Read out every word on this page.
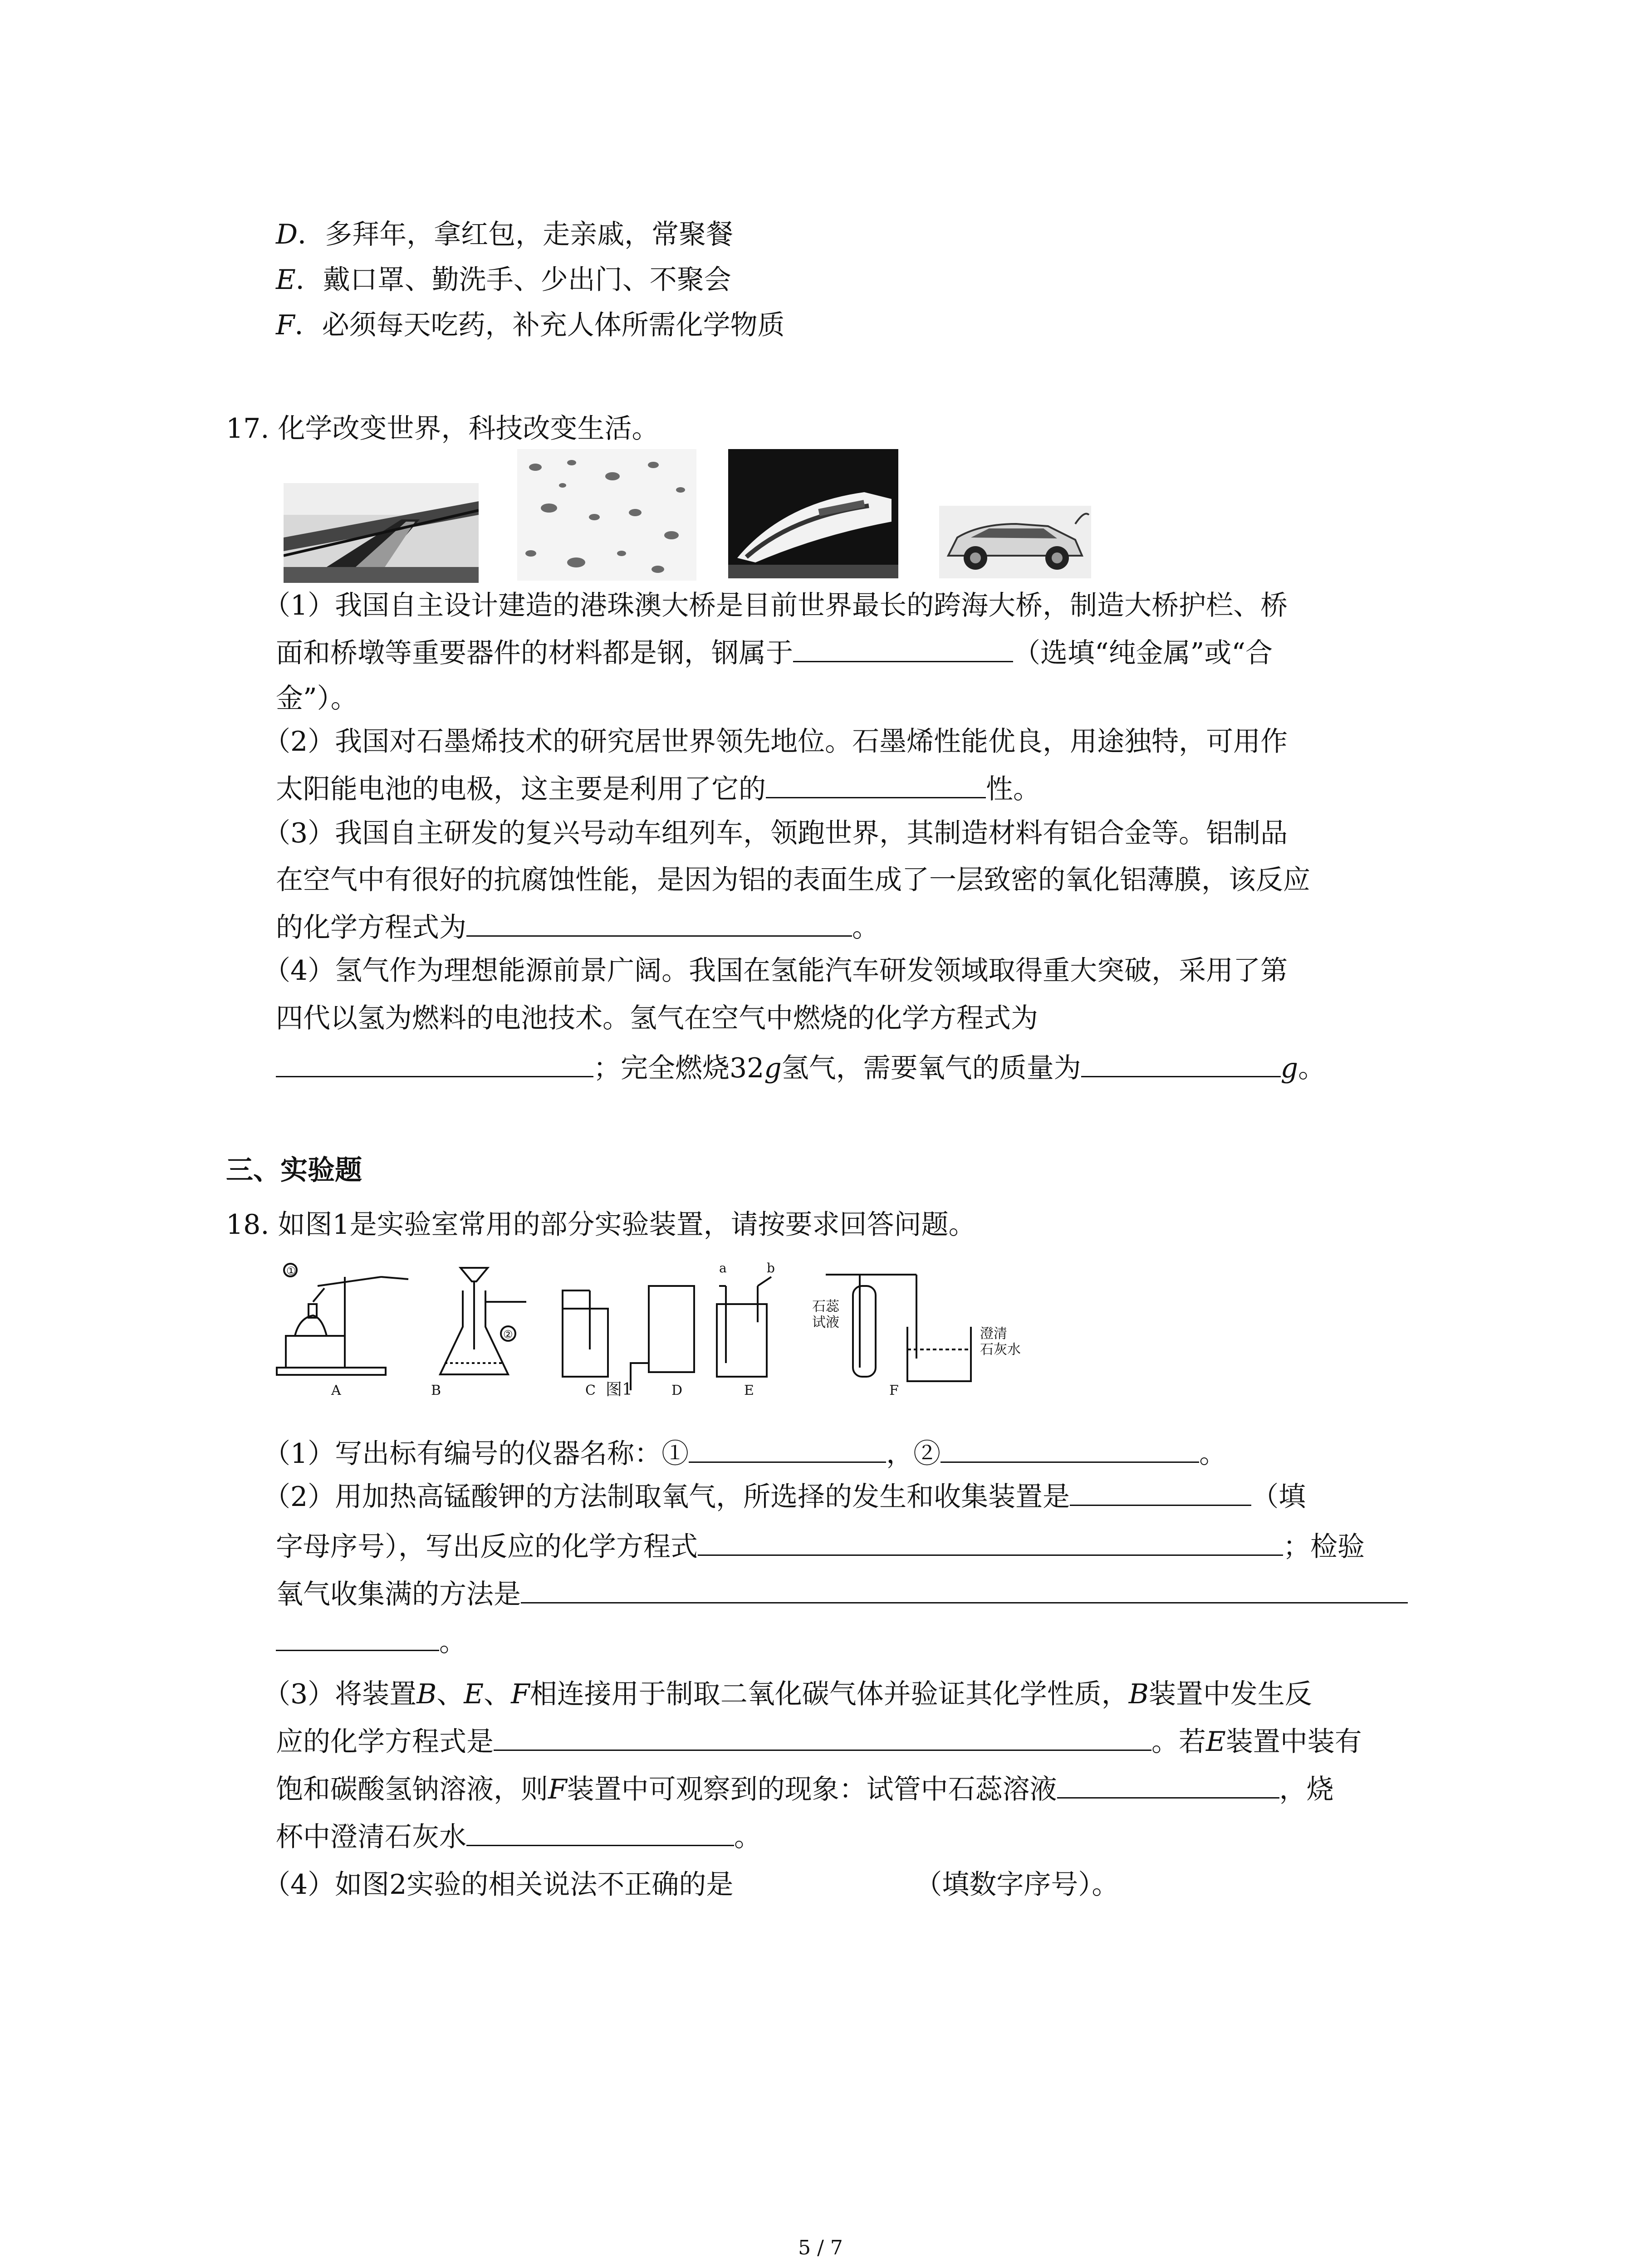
D．多拜年，拿红包，走亲戚，常聚餐
E．戴口罩、勤洗手、少出门、不聚会
F．必须每天吃药，补充人体所需化学物质
17. 化学改变世界，科技改变生活。
（1）我国自主设计建造的港珠澳大桥是目前世界最长的跨海大桥，制造大桥护栏、桥
面和桥墩等重要器件的材料都是钢，钢属于	（选填“纯金属”或“合
金”）。
（2）我国对石墨烯技术的研究居世界领先地位。石墨烯性能优良，用途独特，可用作
太阳能电池的电极，这主要是利用了它的	性。
（3）我国自主研发的复兴号动车组列车，领跑世界，其制造材料有铝合金等。铝制品
在空气中有很好的抗腐蚀性能，是因为铝的表面生成了一层致密的氧化铝薄膜，该反应
的化学方程式为	。
（4）氢气作为理想能源前景广阔。我国在氢能汽车研发领域取得重大突破，采用了第
四代以氢为燃料的电池技术。氢气在空气中燃烧的化学方程式为
；完全燃烧32g氢气，需要氧气的质量为	g。
三、实验题
18. 如图1是实验室常用的部分实验装置，请按要求回答问题。
①
②
a	b
石蕊
试液
澄清
石灰水
A	B	C 图1	D	E	F
（1）写出标有编号的仪器名称：①	，②	。
（2）用加热高锰酸钾的方法制取氧气，所选择的发生和收集装置是	（填
字母序号），写出反应的化学方程式	；检验
氧气收集满的方法是
。
（3）将装置B、E、F相连接用于制取二氧化碳气体并验证其化学性质，B装置中发生反
应的化学方程式是	。若E装置中装有
饱和碳酸氢钠溶液，则F装置中可观察到的现象：试管中石蕊溶液	，烧
杯中澄清石灰水	。
（4）如图2实验的相关说法不正确的是	（填数字序号）。
5 / 7
